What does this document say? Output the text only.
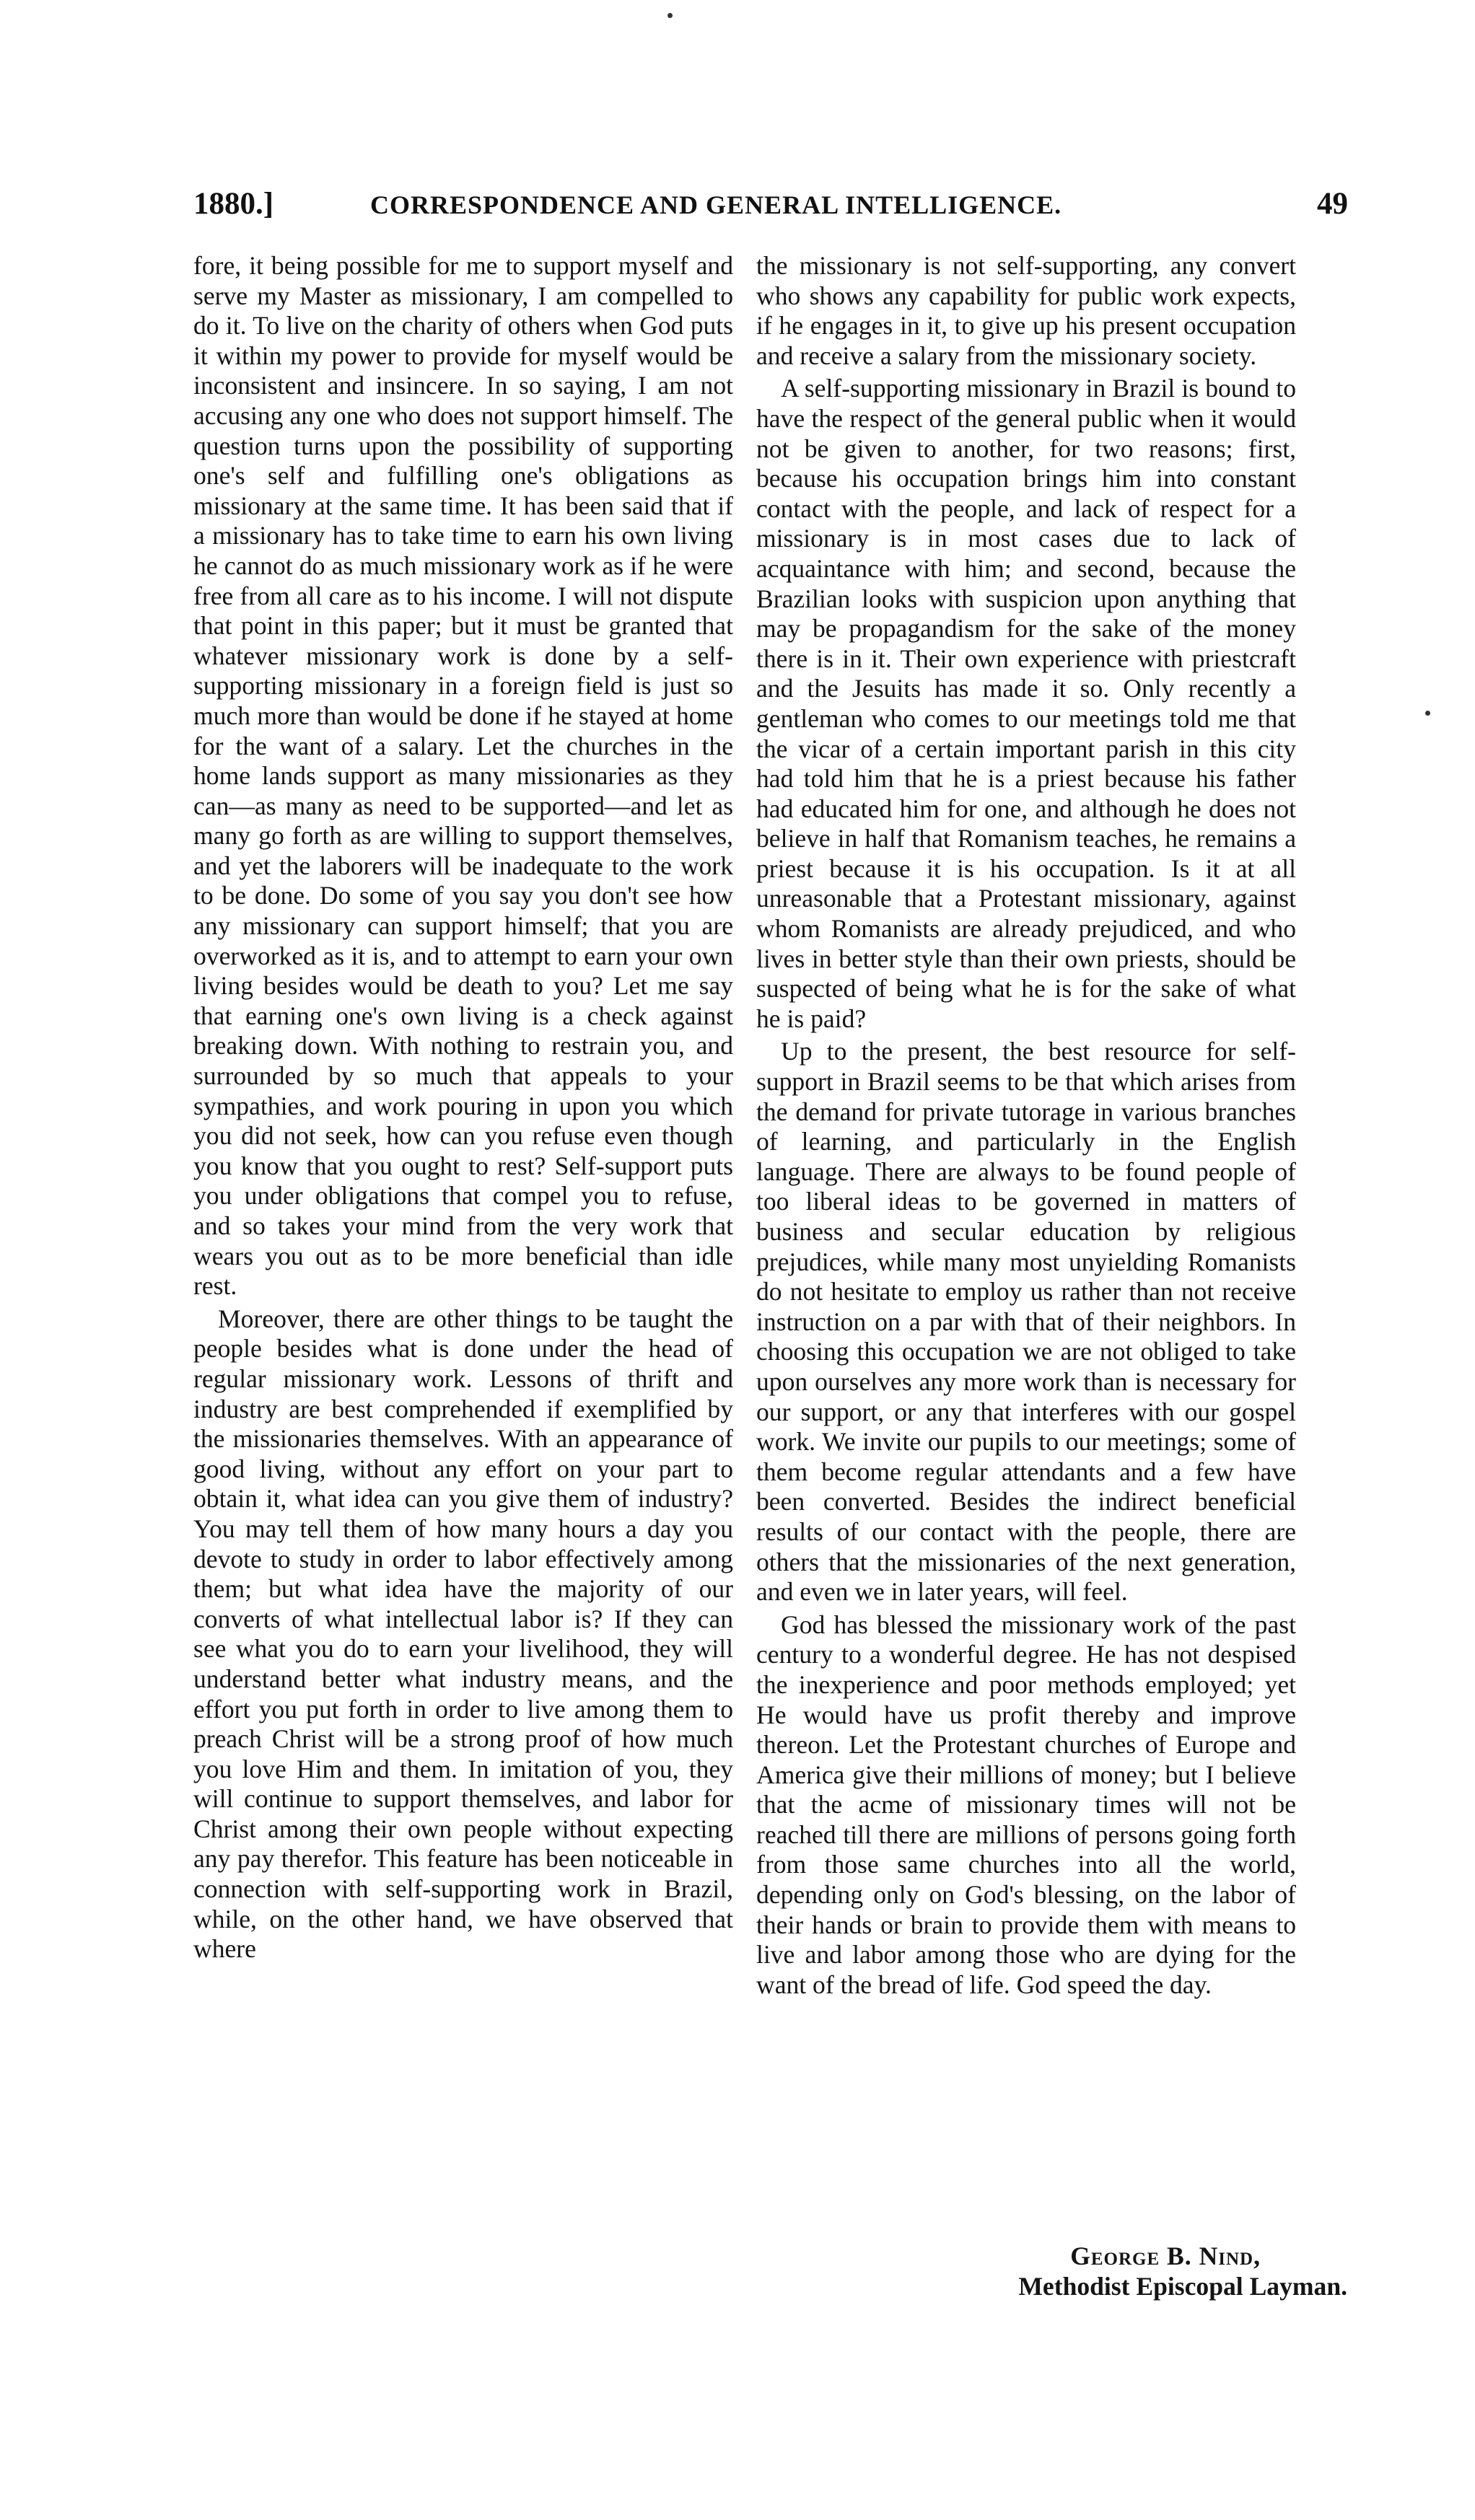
1880.]	CORRESPONDENCE AND GENERAL INTELLIGENCE.	49

fore, it being possible for me to support myself and serve my Master as missionary, I am compelled to do it. To live on the charity of others when God puts it within my power to provide for myself would be inconsistent and insincere. In so saying, I am not accusing any one who does not support himself. The question turns upon the possibility of supporting one's self and fulfilling one's obligations as missionary at the same time. It has been said that if a missionary has to take time to earn his own living he cannot do as much missionary work as if he were free from all care as to his income. I will not dispute that point in this paper; but it must be granted that whatever missionary work is done by a self-supporting missionary in a foreign field is just so much more than would be done if he stayed at home for the want of a salary. Let the churches in the home lands support as many missionaries as they can—as many as need to be supported—and let as many go forth as are willing to support themselves, and yet the laborers will be inadequate to the work to be done. Do some of you say you don't see how any missionary can support himself; that you are overworked as it is, and to attempt to earn your own living besides would be death to you? Let me say that earning one's own living is a check against breaking down. With nothing to restrain you, and surrounded by so much that appeals to your sympathies, and work pouring in upon you which you did not seek, how can you refuse even though you know that you ought to rest? Self-support puts you under obligations that compel you to refuse, and so takes your mind from the very work that wears you out as to be more beneficial than idle rest.

Moreover, there are other things to be taught the people besides what is done under the head of regular missionary work. Lessons of thrift and industry are best comprehended if exemplified by the missionaries themselves. With an appearance of good living, without any effort on your part to obtain it, what idea can you give them of industry? You may tell them of how many hours a day you devote to study in order to labor effectively among them; but what idea have the majority of our converts of what intellectual labor is? If they can see what you do to earn your livelihood, they will understand better what industry means, and the effort you put forth in order to live among them to preach Christ will be a strong proof of how much you love Him and them. In imitation of you, they will continue to support themselves, and labor for Christ among their own people without expecting any pay therefor. This feature has been noticeable in connection with self-supporting work in Brazil, while, on the other hand, we have observed that where

the missionary is not self-supporting, any convert who shows any capability for public work expects, if he engages in it, to give up his present occupation and receive a salary from the missionary society.

A self-supporting missionary in Brazil is bound to have the respect of the general public when it would not be given to another, for two reasons; first, because his occupation brings him into constant contact with the people, and lack of respect for a missionary is in most cases due to lack of acquaintance with him; and second, because the Brazilian looks with suspicion upon anything that may be propagandism for the sake of the money there is in it. Their own experience with priestcraft and the Jesuits has made it so. Only recently a gentleman who comes to our meetings told me that the vicar of a certain important parish in this city had told him that he is a priest because his father had educated him for one, and although he does not believe in half that Romanism teaches, he remains a priest because it is his occupation. Is it at all unreasonable that a Protestant missionary, against whom Romanists are already prejudiced, and who lives in better style than their own priests, should be suspected of being what he is for the sake of what he is paid?

Up to the present, the best resource for self-support in Brazil seems to be that which arises from the demand for private tutorage in various branches of learning, and particularly in the English language. There are always to be found people of too liberal ideas to be governed in matters of business and secular education by religious prejudices, while many most unyielding Romanists do not hesitate to employ us rather than not receive instruction on a par with that of their neighbors. In choosing this occupation we are not obliged to take upon ourselves any more work than is necessary for our support, or any that interferes with our gospel work. We invite our pupils to our meetings; some of them become regular attendants and a few have been converted. Besides the indirect beneficial results of our contact with the people, there are others that the missionaries of the next generation, and even we in later years, will feel.

God has blessed the missionary work of the past century to a wonderful degree. He has not despised the inexperience and poor methods employed; yet He would have us profit thereby and improve thereon. Let the Protestant churches of Europe and America give their millions of money; but I believe that the acme of missionary times will not be reached till there are millions of persons going forth from those same churches into all the world, depending only on God's blessing, on the labor of their hands or brain to provide them with means to live and labor among those who are dying for the want of the bread of life. God speed the day.

George B. Nind,
Methodist Episcopal Layman.
